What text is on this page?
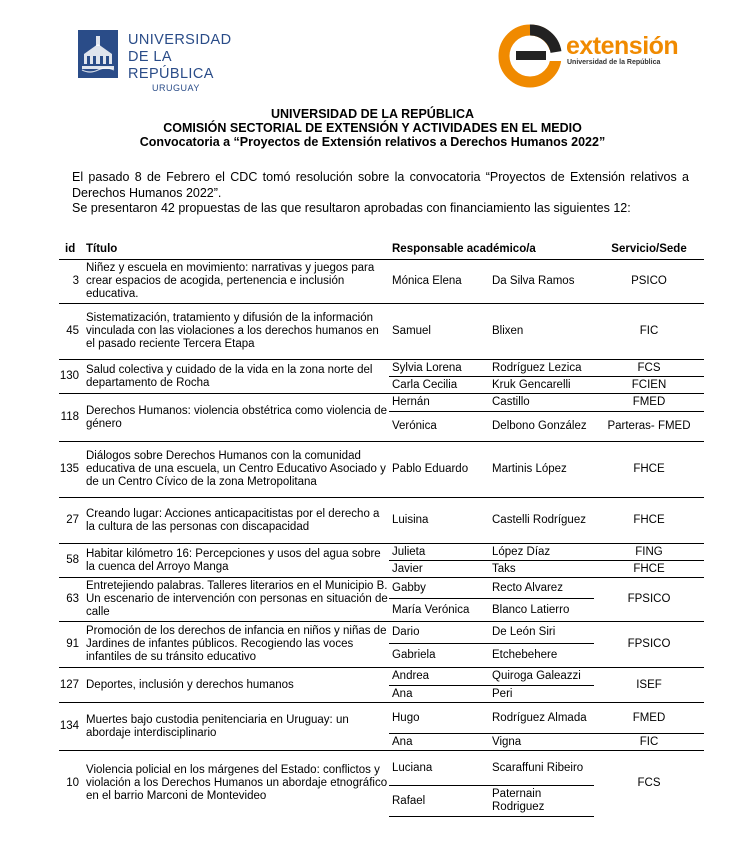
UNIVERSIDAD
DE LA REPÚBLICA
URUGUAY
extensión
Universidad de la República
UNIVERSIDAD DE LA REPÚBLICA
COMISIÓN SECTORIAL DE EXTENSIÓN Y ACTIVIDADES EN EL MEDIO
Convocatoria a “Proyectos de Extensión relativos a Derechos Humanos 2022”

El pasado 8 de Febrero el CDC tomó resolución sobre la convocatoria “Proyectos de Extensión relativos a Derechos Humanos 2022”.

Se presentaron 42 propuestas de las que resultaron aprobadas con financiamiento las siguientes 12:

id	Título	Responsable académico/a		Servicio/Sede
3	Niñez y escuela en movimiento: narrativas y juegos para crear espacios de acogida, pertenencia e inclusión educativa.	Mónica Elena	Da Silva Ramos	PSICO
45	Sistematización, tratamiento y difusión de la información vinculada con las violaciones a los derechos humanos en el pasado reciente Tercera Etapa	Samuel	Blixen	FIC
130	Salud colectiva y cuidado de la vida en la zona norte del departamento de Rocha	Sylvia Lorena	Rodríguez Lezica	FCS
		Carla Cecilia	Kruk Gencarelli	FCIEN
118	Derechos Humanos: violencia obstétrica como violencia de género	Hernán	Castillo	FMED
		Verónica	Delbono González	Parteras- FMED
135	Diálogos sobre Derechos Humanos con la comunidad educativa de una escuela, un Centro Educativo Asociado y de un Centro Cívico de la zona Metropolitana	Pablo Eduardo	Martinis López	FHCE
27	Creando lugar: Acciones anticapacitistas por el derecho a la cultura de las personas con discapacidad	Luisina	Castelli Rodríguez	FHCE
58	Habitar kilómetro 16: Percepciones y usos del agua sobre la cuenca del Arroyo Manga	Julieta	López Díaz	FING
		Javier	Taks	FHCE
63	Entretejiendo palabras. Talleres literarios en el Municipio B. Un escenario de intervención con personas en situación de calle	Gabby	Recto Alvarez	FPSICO
		María Verónica	Blanco Latierro	
91	Promoción de los derechos de infancia en niños y niñas de Jardines de infantes públicos. Recogiendo las voces infantiles de su tránsito educativo	Dario	De León Siri	FPSICO
		Gabriela	Etchebehere	
127	Deportes, inclusión y derechos humanos	Andrea	Quiroga Galeazzi	ISEF
		Ana	Peri	
134	Muertes bajo custodia penitenciaria en Uruguay: un abordaje interdisciplinario	Hugo	Rodríguez Almada	FMED
		Ana	Vigna	FIC
10	Violencia policial en los márgenes del Estado: conflictos y violación a los Derechos Humanos un abordaje etnográfico en el barrio Marconi de Montevideo	Luciana	Scaraffuni Ribeiro	FCS
		Rafael	Paternain Rodriguez	
